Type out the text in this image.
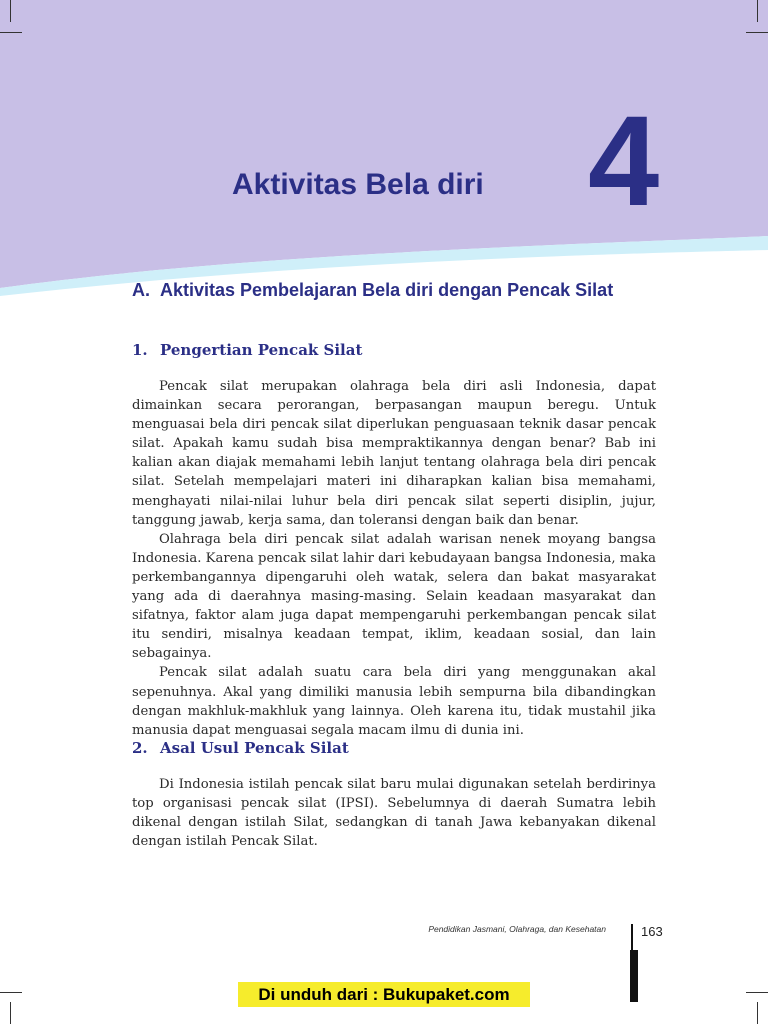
Aktivitas Bela diri 4
A. Aktivitas Pembelajaran Bela diri dengan Pencak Silat
1. Pengertian Pencak Silat

Pencak silat merupakan olahraga bela diri asli Indonesia, dapat dimainkan secara perorangan, berpasangan maupun beregu. Untuk menguasai bela diri pencak silat diperlukan penguasaan teknik dasar pencak silat. Apakah kamu sudah bisa mempraktikannya dengan benar? Bab ini kalian akan diajak memahami lebih lanjut tentang olahraga bela diri pencak silat. Setelah mempelajari materi ini diharapkan kalian bisa memahami, menghayati nilai-nilai luhur bela diri pencak silat seperti disiplin, jujur, tanggung jawab, kerja sama, dan toleransi dengan baik dan benar.

Olahraga bela diri pencak silat adalah warisan nenek moyang bangsa Indonesia. Karena pencak silat lahir dari kebudayaan bangsa Indonesia, maka perkembangannya dipengaruhi oleh watak, selera dan bakat masyarakat yang ada di daerahnya masing-masing. Selain keadaan masyarakat dan sifatnya, faktor alam juga dapat mempengaruhi perkembangan pencak silat itu sendiri, misalnya keadaan tempat, iklim, keadaan sosial, dan lain sebagainya.

Pencak silat adalah suatu cara bela diri yang menggunakan akal sepenuhnya. Akal yang dimiliki manusia lebih sempurna bila dibandingkan dengan makhluk-makhluk yang lainnya. Oleh karena itu, tidak mustahil jika manusia dapat menguasai segala macam ilmu di dunia ini.

2. Asal Usul Pencak Silat

Di Indonesia istilah pencak silat baru mulai digunakan setelah berdirinya top organisasi pencak silat (IPSI). Sebelumnya di daerah Sumatra lebih dikenal dengan istilah Silat, sedangkan di tanah Jawa kebanyakan dikenal dengan istilah Pencak Silat.

Pendidikan Jasmani, Olahraga, dan Kesehatan	163
Di unduh dari : Bukupaket.com
